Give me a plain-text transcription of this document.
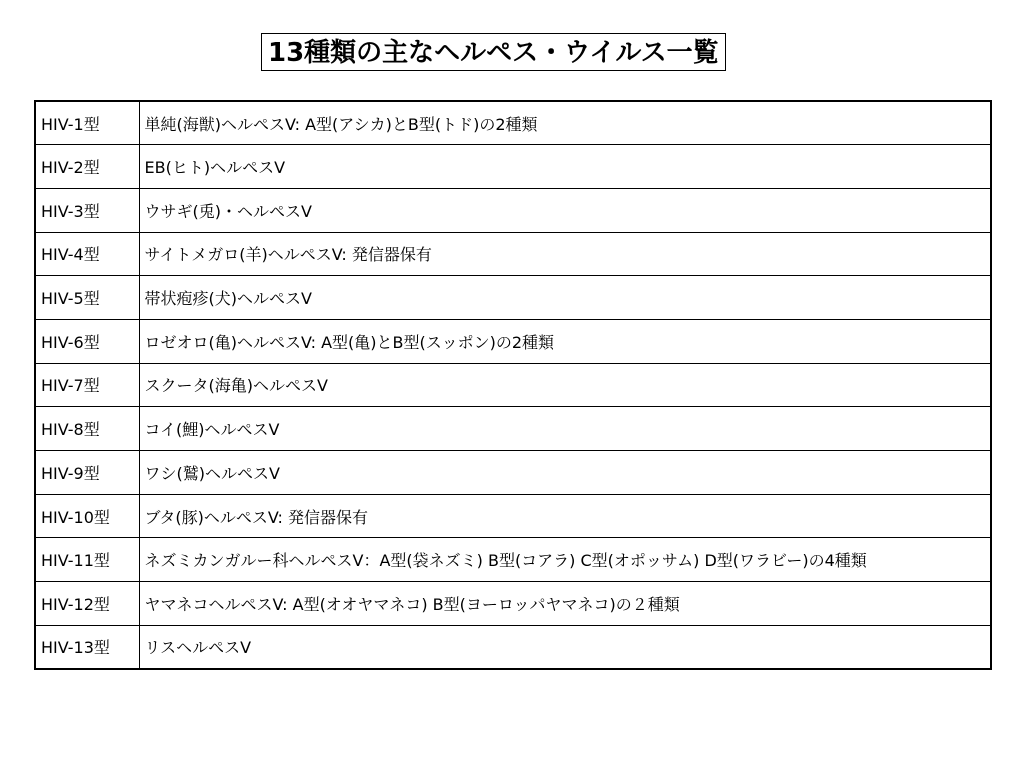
13種類の主なヘルペス・ウイルス一覧
HIV-1型	単純(海獣)ヘルペスV: A型(アシカ)とB型(トド)の2種類
HIV-2型	EB(ヒト)ヘルペスV
HIV-3型	ウサギ(兎)・ヘルペスV
HIV-4型	サイトメガロ(羊)ヘルペスV: 発信器保有
HIV-5型	帯状疱疹(犬)ヘルペスV
HIV-6型	ロゼオロ(亀)ヘルペスV: A型(亀)とB型(スッポン)の2種類
HIV-7型	スクータ(海亀)ヘルペスV
HIV-8型	コイ(鯉)ヘルペスV
HIV-9型	ワシ(鷲)ヘルペスV
HIV-10型	ブタ(豚)ヘルペスV: 発信器保有
HIV-11型	ネズミカンガルー科ヘルペスV：A型(袋ネズミ) B型(コアラ) C型(オポッサム) D型(ワラビー)の4種類
HIV-12型	ヤマネコヘルペスV: A型(オオヤマネコ) B型(ヨーロッパヤマネコ)の２種類
HIV-13型	リスヘルペスV
